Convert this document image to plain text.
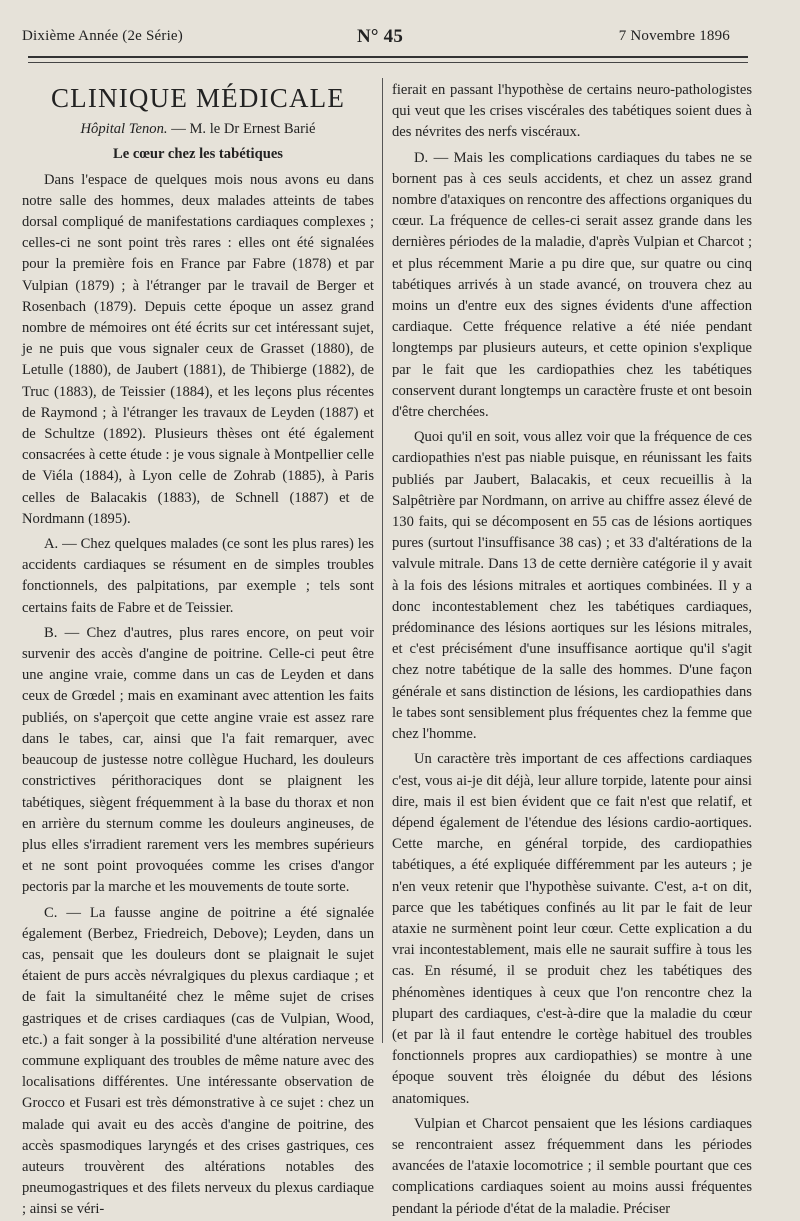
Dixième Année (2e Série)	N° 45	7 Novembre 1896
CLINIQUE MÉDICALE

Hôpital Tenon. — M. le Dr Ernest Barié

Le cœur chez les tabétiques

Dans l'espace de quelques mois nous avons eu dans notre salle des hommes, deux malades atteints de tabes dorsal compliqué de manifestations cardiaques complexes ; celles-ci ne sont point très rares : elles ont été signalées pour la première fois en France par Fabre (1878) et par Vulpian (1879) ; à l'étranger par le travail de Berger et Rosenbach (1879). Depuis cette époque un assez grand nombre de mémoires ont été écrits sur cet intéressant sujet, je ne puis que vous signaler ceux de Grasset (1880), de Letulle (1880), de Jaubert (1881), de Thibierge (1882), de Truc (1883), de Teissier (1884), et les leçons plus récentes de Raymond ; à l'étranger les travaux de Leyden (1887) et de Schultze (1892). Plusieurs thèses ont été également consacrées à cette étude : je vous signale à Montpellier celle de Viéla (1884), à Lyon celle de Zohrab (1885), à Paris celles de Balacakis (1883), de Schnell (1887) et de Nordmann (1895).

A. — Chez quelques malades (ce sont les plus rares) les accidents cardiaques se résument en de simples troubles fonctionnels, des palpitations, par exemple ; tels sont certains faits de Fabre et de Teissier.

B. — Chez d'autres, plus rares encore, on peut voir survenir des accès d'angine de poitrine. Celle-ci peut être une angine vraie, comme dans un cas de Leyden et dans ceux de Grœdel ; mais en examinant avec attention les faits publiés, on s'aperçoit que cette angine vraie est assez rare dans le tabes, car, ainsi que l'a fait remarquer, avec beaucoup de justesse notre collègue Huchard, les douleurs constrictives périthoraciques dont se plaignent les tabétiques, siègent fréquemment à la base du thorax et non en arrière du sternum comme les douleurs angineuses, de plus elles s'irradient rarement vers les membres supérieurs et ne sont point provoquées comme les crises d'angor pectoris par la marche et les mouvements de toute sorte.

C. — La fausse angine de poitrine a été signalée également (Berbez, Friedreich, Debove); Leyden, dans un cas, pensait que les douleurs dont se plaignait le sujet étaient de purs accès névralgiques du plexus cardiaque ; et de fait la simultanéité chez le même sujet de crises gastriques et de crises cardiaques (cas de Vulpian, Wood, etc.) a fait songer à la possibilité d'une altération nerveuse commune expliquant des troubles de même nature avec des localisations différentes. Une intéressante observation de Grocco et Fusari est très démonstrative à ce sujet : chez un malade qui avait eu des accès d'angine de poitrine, des accès spasmodiques laryngés et des crises gastriques, ces auteurs trouvèrent des altérations notables des pneumogastriques et des filets nerveux du plexus cardiaque ; ainsi se véri-

fierait en passant l'hypothèse de certains neuro-pathologistes qui veut que les crises viscérales des tabétiques soient dues à des névrites des nerfs viscéraux.

D. — Mais les complications cardiaques du tabes ne se bornent pas à ces seuls accidents, et chez un assez grand nombre d'ataxiques on rencontre des affections organiques du cœur. La fréquence de celles-ci serait assez grande dans les dernières périodes de la maladie, d'après Vulpian et Charcot ; et plus récemment Marie a pu dire que, sur quatre ou cinq tabétiques arrivés à un stade avancé, on trouvera chez au moins un d'entre eux des signes évidents d'une affection cardiaque. Cette fréquence relative a été niée pendant longtemps par plusieurs auteurs, et cette opinion s'explique par le fait que les cardiopathies chez les tabétiques conservent durant longtemps un caractère fruste et ont besoin d'être cherchées.

Quoi qu'il en soit, vous allez voir que la fréquence de ces cardiopathies n'est pas niable puisque, en réunissant les faits publiés par Jaubert, Balacakis, et ceux recueillis à la Salpêtrière par Nordmann, on arrive au chiffre assez élevé de 130 faits, qui se décomposent en 55 cas de lésions aortiques pures (surtout l'insuffisance 38 cas) ; et 33 d'altérations de la valvule mitrale. Dans 13 de cette dernière catégorie il y avait à la fois des lésions mitrales et aortiques combinées. Il y a donc incontestablement chez les tabétiques cardiaques, prédominance des lésions aortiques sur les lésions mitrales, et c'est précisément d'une insuffisance aortique qu'il s'agit chez notre tabétique de la salle des hommes. D'une façon générale et sans distinction de lésions, les cardiopathies dans le tabes sont sensiblement plus fréquentes chez la femme que chez l'homme.

Un caractère très important de ces affections cardiaques c'est, vous ai-je dit déjà, leur allure torpide, latente pour ainsi dire, mais il est bien évident que ce fait n'est que relatif, et dépend également de l'étendue des lésions cardio-aortiques. Cette marche, en général torpide, des cardiopathies tabétiques, a été expliquée différemment par les auteurs ; je n'en veux retenir que l'hypothèse suivante. C'est, a-t on dit, parce que les tabétiques confinés au lit par le fait de leur ataxie ne surmènent point leur cœur. Cette explication a du vrai incontestablement, mais elle ne saurait suffire à tous les cas. En résumé, il se produit chez les tabétiques des phénomènes identiques à ceux que l'on rencontre chez la plupart des cardiaques, c'est-à-dire que la maladie du cœur (et par là il faut entendre le cortège habituel des troubles fonctionnels propres aux cardiopathies) se montre à une époque souvent très éloignée du début des lésions anatomiques.

Vulpian et Charcot pensaient que les lésions cardiaques se rencontraient assez fréquemment dans les périodes avancées de l'ataxie locomotrice ; il semble pourtant que ces complications cardiaques soient au moins aussi fréquentes pendant la période d'état de la maladie. Préciser
